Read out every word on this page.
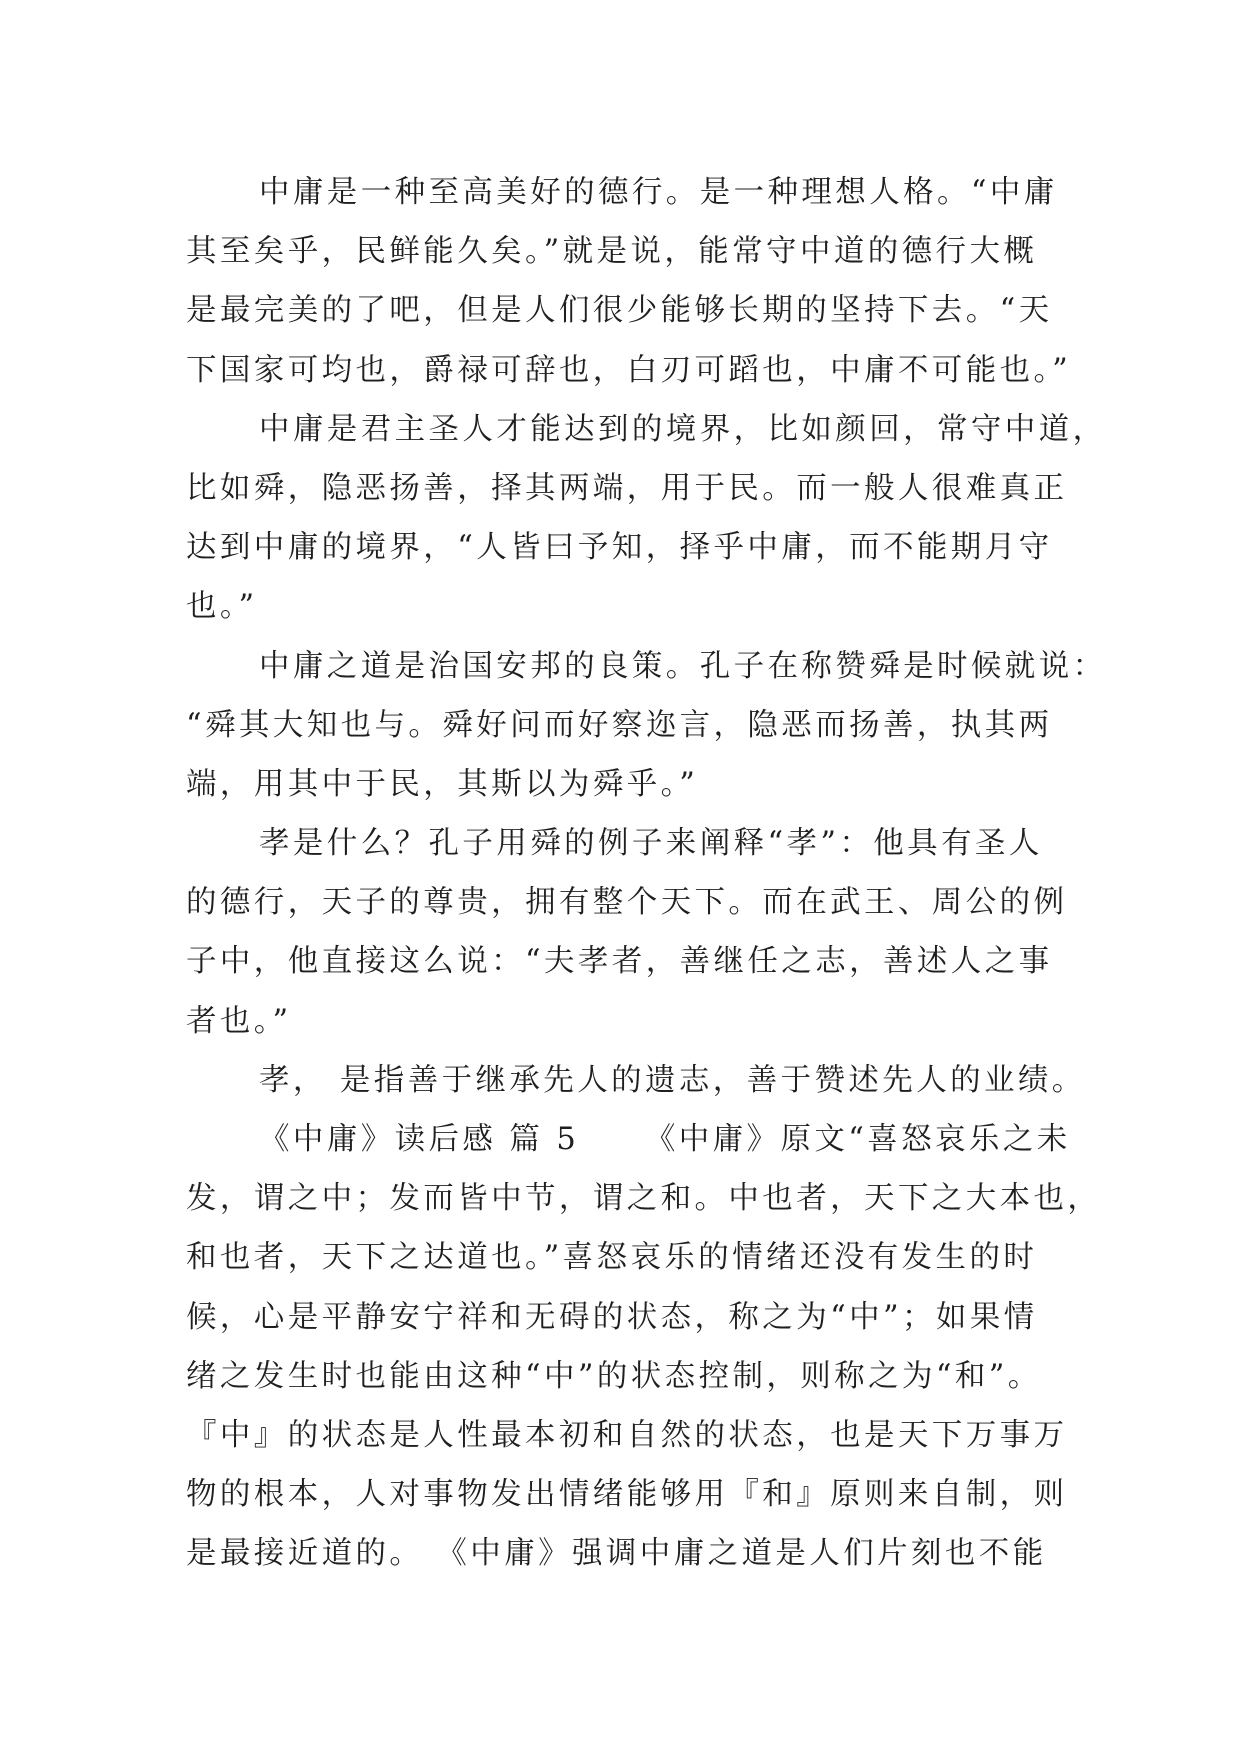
中庸是一种至高美好的德行。是一种理想人格。“中庸
其至矣乎，民鲜能久矣。”就是说，能常守中道的德行大概
是最完美的了吧，但是人们很少能够长期的坚持下去。“天
下国家可均也，爵禄可辞也，白刃可蹈也，中庸不可能也。”
中庸是君主圣人才能达到的境界，比如颜回，常守中道，
比如舜，隐恶扬善，择其两端，用于民。而一般人很难真正
达到中庸的境界，“人皆曰予知，择乎中庸，而不能期月守
也。”
中庸之道是治国安邦的良策。孔子在称赞舜是时候就说：
“舜其大知也与。舜好问而好察迩言，隐恶而扬善，执其两
端，用其中于民，其斯以为舜乎。”
孝是什么？孔子用舜的例子来阐释“孝”：他具有圣人
的德行，天子的尊贵，拥有整个天下。而在武王、周公的例
子中，他直接这么说：“夫孝者，善继任之志，善述人之事
者也。”
孝， 是指善于继承先人的遗志，善于赞述先人的业绩。
《中庸》读后感 篇 5 　　《中庸》原文“喜怒哀乐之未
发，谓之中；发而皆中节，谓之和。中也者，天下之大本也，
和也者，天下之达道也。”喜怒哀乐的情绪还没有发生的时
候，心是平静安宁祥和无碍的状态，称之为“中”；如果情
绪之发生时也能由这种“中”的状态控制，则称之为“和”。
『中』的状态是人性最本初和自然的状态，也是天下万事万
物的根本，人对事物发出情绪能够用『和』原则来自制，则
是最接近道的。 《中庸》强调中庸之道是人们片刻也不能
